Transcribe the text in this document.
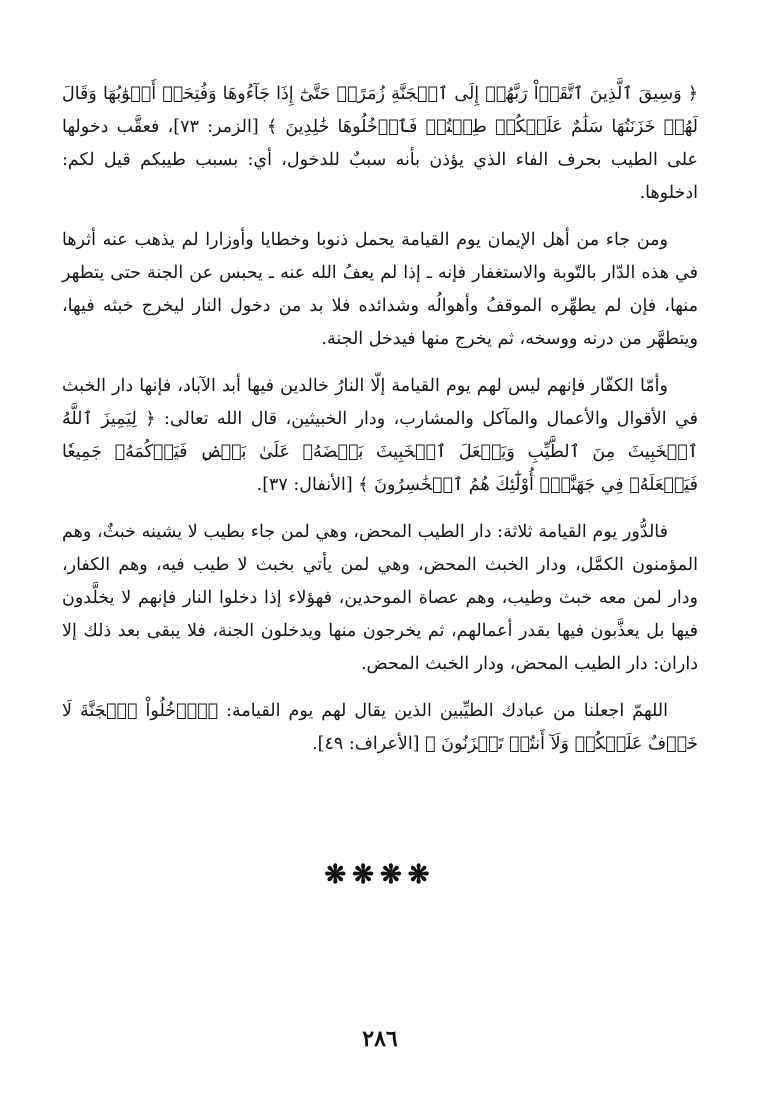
﴿ وَسِيقَ ٱلَّذِينَ ٱتَّقَوۡاْ رَبَّهُمۡ إِلَى ٱلۡجَنَّةِ زُمَرًاۖ حَتَّىٰٓ إِذَا جَآءُوهَا وَفُتِحَتۡ أَبۡوَٰبُهَا وَقَالَ لَهُمۡ خَزَنَتُهَا سَلَٰمٌ عَلَيۡكُمۡ طِبۡتُمۡ فَٱدۡخُلُوهَا خَٰلِدِينَ ﴾ [الزمر: ٧٣]، فعقَّب دخولها على الطيب بحرف الفاء الذي يؤذن بأنه سببٌ للدخول، أي: بسبب طيبكم قيل لكم: ادخلوها.

ومن جاء من أهل الإيمان يوم القيامة يحمل ذنوبا وخطايا وأوزارا لم يذهب عنه أثرها في هذه الدّار بالتّوبة والاستغفار فإنه ـ إذا لم يعفُ الله عنه ـ يحبس عن الجنة حتى يتطهر منها، فإن لم يطهِّره الموقفُ وأهوالُه وشدائده فلا بد من دخول النار ليخرج خبثه فيها، ويتطهَّر من درنه ووسخه، ثم يخرج منها فيدخل الجنة.

وأمّا الكفّار فإنهم ليس لهم يوم القيامة إلّا النارُ خالدين فيها أبد الآباد، فإنها دار الخبث في الأقوال والأعمال والمآكل والمشارب، ودار الخبيثين، قال الله تعالى: ﴿ لِيَمِيزَ ٱللَّهُ ٱلۡخَبِيثَ مِنَ ٱلطَّيِّبِ وَيَجۡعَلَ ٱلۡخَبِيثَ بَعۡضَهُۥ عَلَىٰ بَعۡضٖ فَيَرۡكُمَهُۥ جَمِيعٗا فَيَجۡعَلَهُۥ فِي جَهَنَّمَۚ أُوْلَٰٓئِكَ هُمُ ٱلۡخَٰسِرُونَ ﴾ [الأنفال: ٣٧].

فالدُّور يوم القيامة ثلاثة: دار الطيب المحض، وهي لمن جاء بطيب لا يشينه خبثٌ، وهم المؤمنون الكمَّل، ودار الخبث المحض، وهي لمن يأتي بخبث لا طيب فيه، وهم الكفار، ودار لمن معه خبث وطيب، وهم عصاة الموحدين، فهؤلاء إذا دخلوا النار فإنهم لا يخلَّدون فيها بل يعذَّبون فيها بقدر أعمالهم، ثم يخرجون منها ويدخلون الجنة، فلا يبقى بعد ذلك إلا داران: دار الطيب المحض، ودار الخبث المحض.

اللهمّ اجعلنا من عبادك الطيِّبين الذين يقال لهم يوم القيامة: ﴿ٱدۡخُلُواْ ٱلۡجَنَّةَ لَا خَوۡفٌ عَلَيۡكُمۡ وَلَآ أَنتُمۡ تَحۡزَنُونَ ﴾ [الأعراف: ٤٩].

❋❋❋❋
٢٨٦
